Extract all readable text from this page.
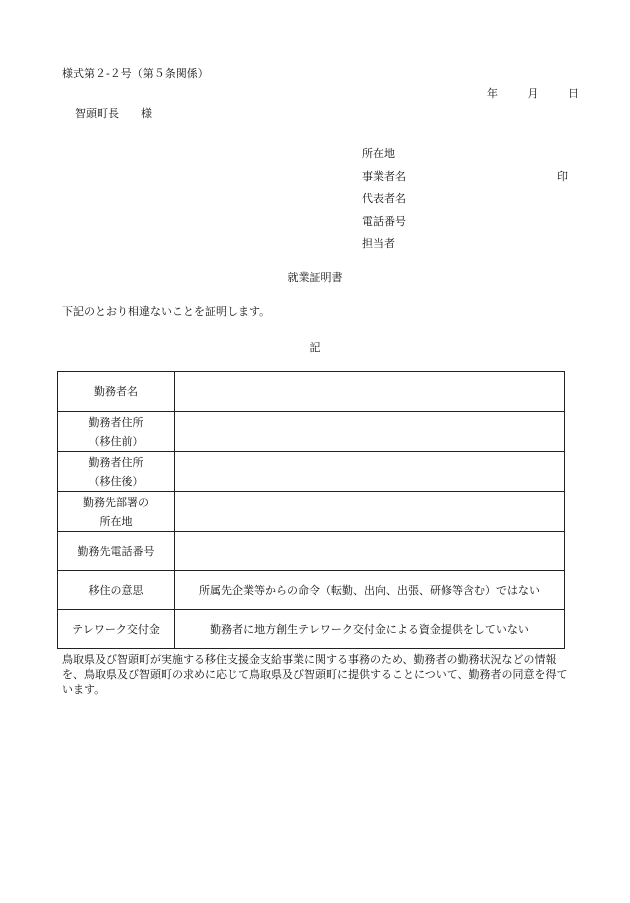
様式第２-２号（第５条関係）
年	月	日
智頭町長 様
所在地
事業者名	印
代表者名
電話番号
担当者
就業証明書
下記のとおり相違ないことを証明します。
記
勤務者名	

勤務者住所
（移住前）	

勤務者住所
（移住後）	

勤務先部署の
所在地	

勤務先電話番号	

移住の意思	所属先企業等からの命令（転勤、出向、出張、研修等含む）ではない

テレワーク交付金	勤務者に地方創生テレワーク交付金による資金提供をしていない
鳥取県及び智頭町が実施する移住支援金支給事業に関する事務のため、勤務者の勤務状況などの情報を、鳥取県及び智頭町の求めに応じて鳥取県及び智頭町に提供することについて、勤務者の同意を得ています。
